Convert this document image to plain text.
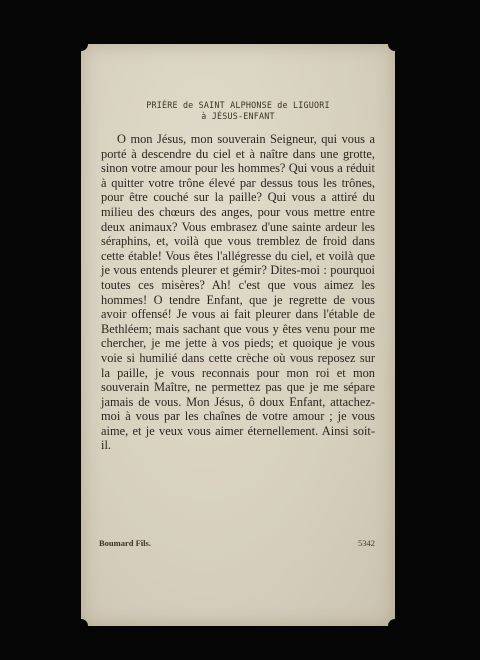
PRIÈRE de SAINT ALPHONSE de LIGUORI
à JÉSUS-ENFANT
O mon Jésus, mon souverain Seigneur, qui vous a porté à descendre du ciel et à naître dans une grotte, sinon votre amour pour les hommes? Qui vous a réduit à quitter votre trône élevé par dessus tous les trônes, pour être couché sur la paille? Qui vous a attiré du milieu des chœurs des anges, pour vous mettre entre deux animaux? Vous embrasez d'une sainte ardeur les séraphins, et, voilà que vous tremblez de froid dans cette étable! Vous êtes l'allégresse du ciel, et voilà que je vous entends pleurer et gémir? Dites-moi : pourquoi toutes ces misères? Ah! c'est que vous aimez les hommes! O tendre Enfant, que je regrette de vous avoir offensé! Je vous ai fait pleurer dans l'étable de Bethléem; mais sachant que vous y êtes venu pour me chercher, je me jette à vos pieds; et quoique je vous voie si humilié dans cette crèche où vous reposez sur la paille, je vous reconnais pour mon roi et mon souverain Maître, ne permettez pas que je me sépare jamais de vous. Mon Jésus, ô doux Enfant, attachez-moi à vous par les chaînes de votre amour ; je vous aime, et je veux vous aimer éternellement. Ainsi soit-il.
Boumard Fils.	5342
